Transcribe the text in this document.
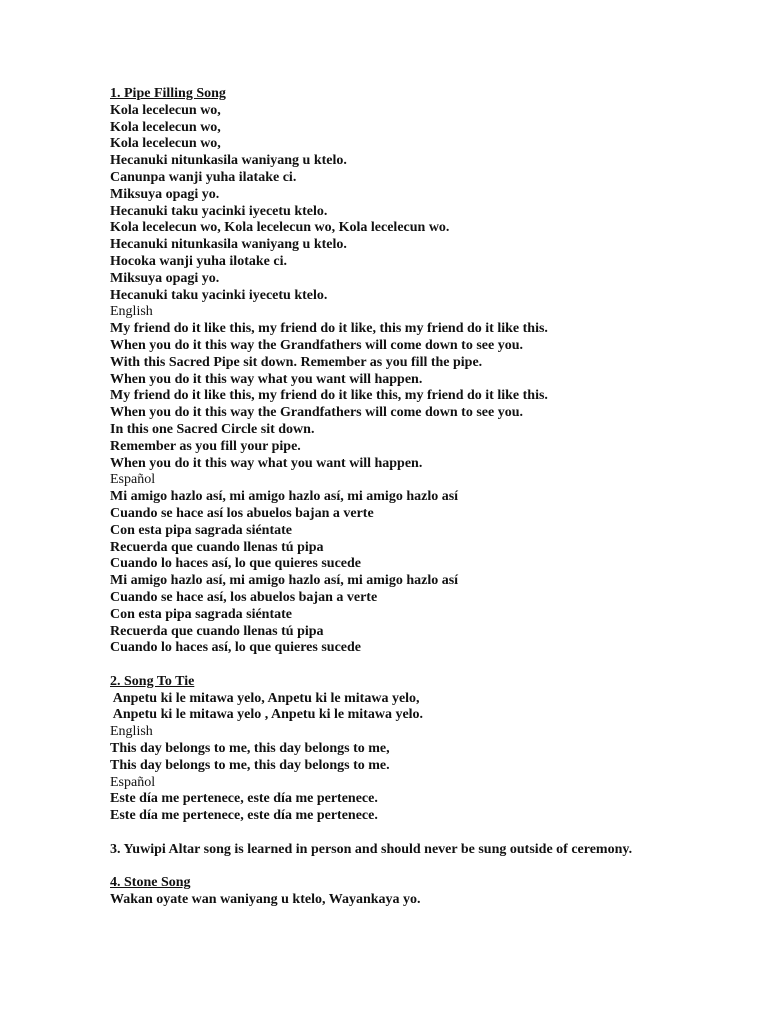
1. Pipe Filling Song
Kola lecelecun wo,
Kola lecelecun wo,
Kola lecelecun wo,
Hecanuki nitunkasila waniyang u ktelo.
Canunpa wanji yuha ilatake ci.
Miksuya opagi yo.
Hecanuki taku yacinki iyecetu ktelo.
Kola lecelecun wo, Kola lecelecun wo, Kola lecelecun wo.
Hecanuki nitunkasila waniyang u ktelo.
Hocoka wanji yuha ilotake ci.
Miksuya opagi yo.
Hecanuki taku yacinki iyecetu ktelo.
English
My friend do it like this, my friend do it like, this my friend do it like this.
When you do it this way the Grandfathers will come down to see you.
With this Sacred Pipe sit down. Remember as you fill the pipe.
When you do it this way what you want will happen.
My friend do it like this, my friend do it like this, my friend do it like this.
When you do it this way the Grandfathers will come down to see you.
In this one Sacred Circle sit down.
Remember as you fill your pipe.
When you do it this way what you want will happen.
Español
Mi amigo hazlo así, mi amigo hazlo así, mi amigo hazlo así
Cuando se hace así los abuelos bajan a verte
Con esta pipa sagrada siéntate
Recuerda que cuando llenas tú pipa
Cuando lo haces así, lo que quieres sucede
Mi amigo hazlo así, mi amigo hazlo así, mi amigo hazlo así
Cuando se hace así, los abuelos bajan a verte
Con esta pipa sagrada siéntate
Recuerda que cuando llenas tú pipa
Cuando lo haces así, lo que quieres sucede
2. Song To Tie
Anpetu ki le mitawa yelo, Anpetu ki le mitawa yelo,
Anpetu ki le mitawa yelo , Anpetu ki le mitawa yelo.
English
This day belongs to me, this day belongs to me,
This day belongs to me, this day belongs to me.
Español
Este día me pertenece, este día me pertenece.
Este día me pertenece, este día me pertenece.
3. Yuwipi Altar song is learned in person and should never be sung outside of ceremony.
4. Stone Song
Wakan oyate wan waniyang u ktelo, Wayankaya yo.
